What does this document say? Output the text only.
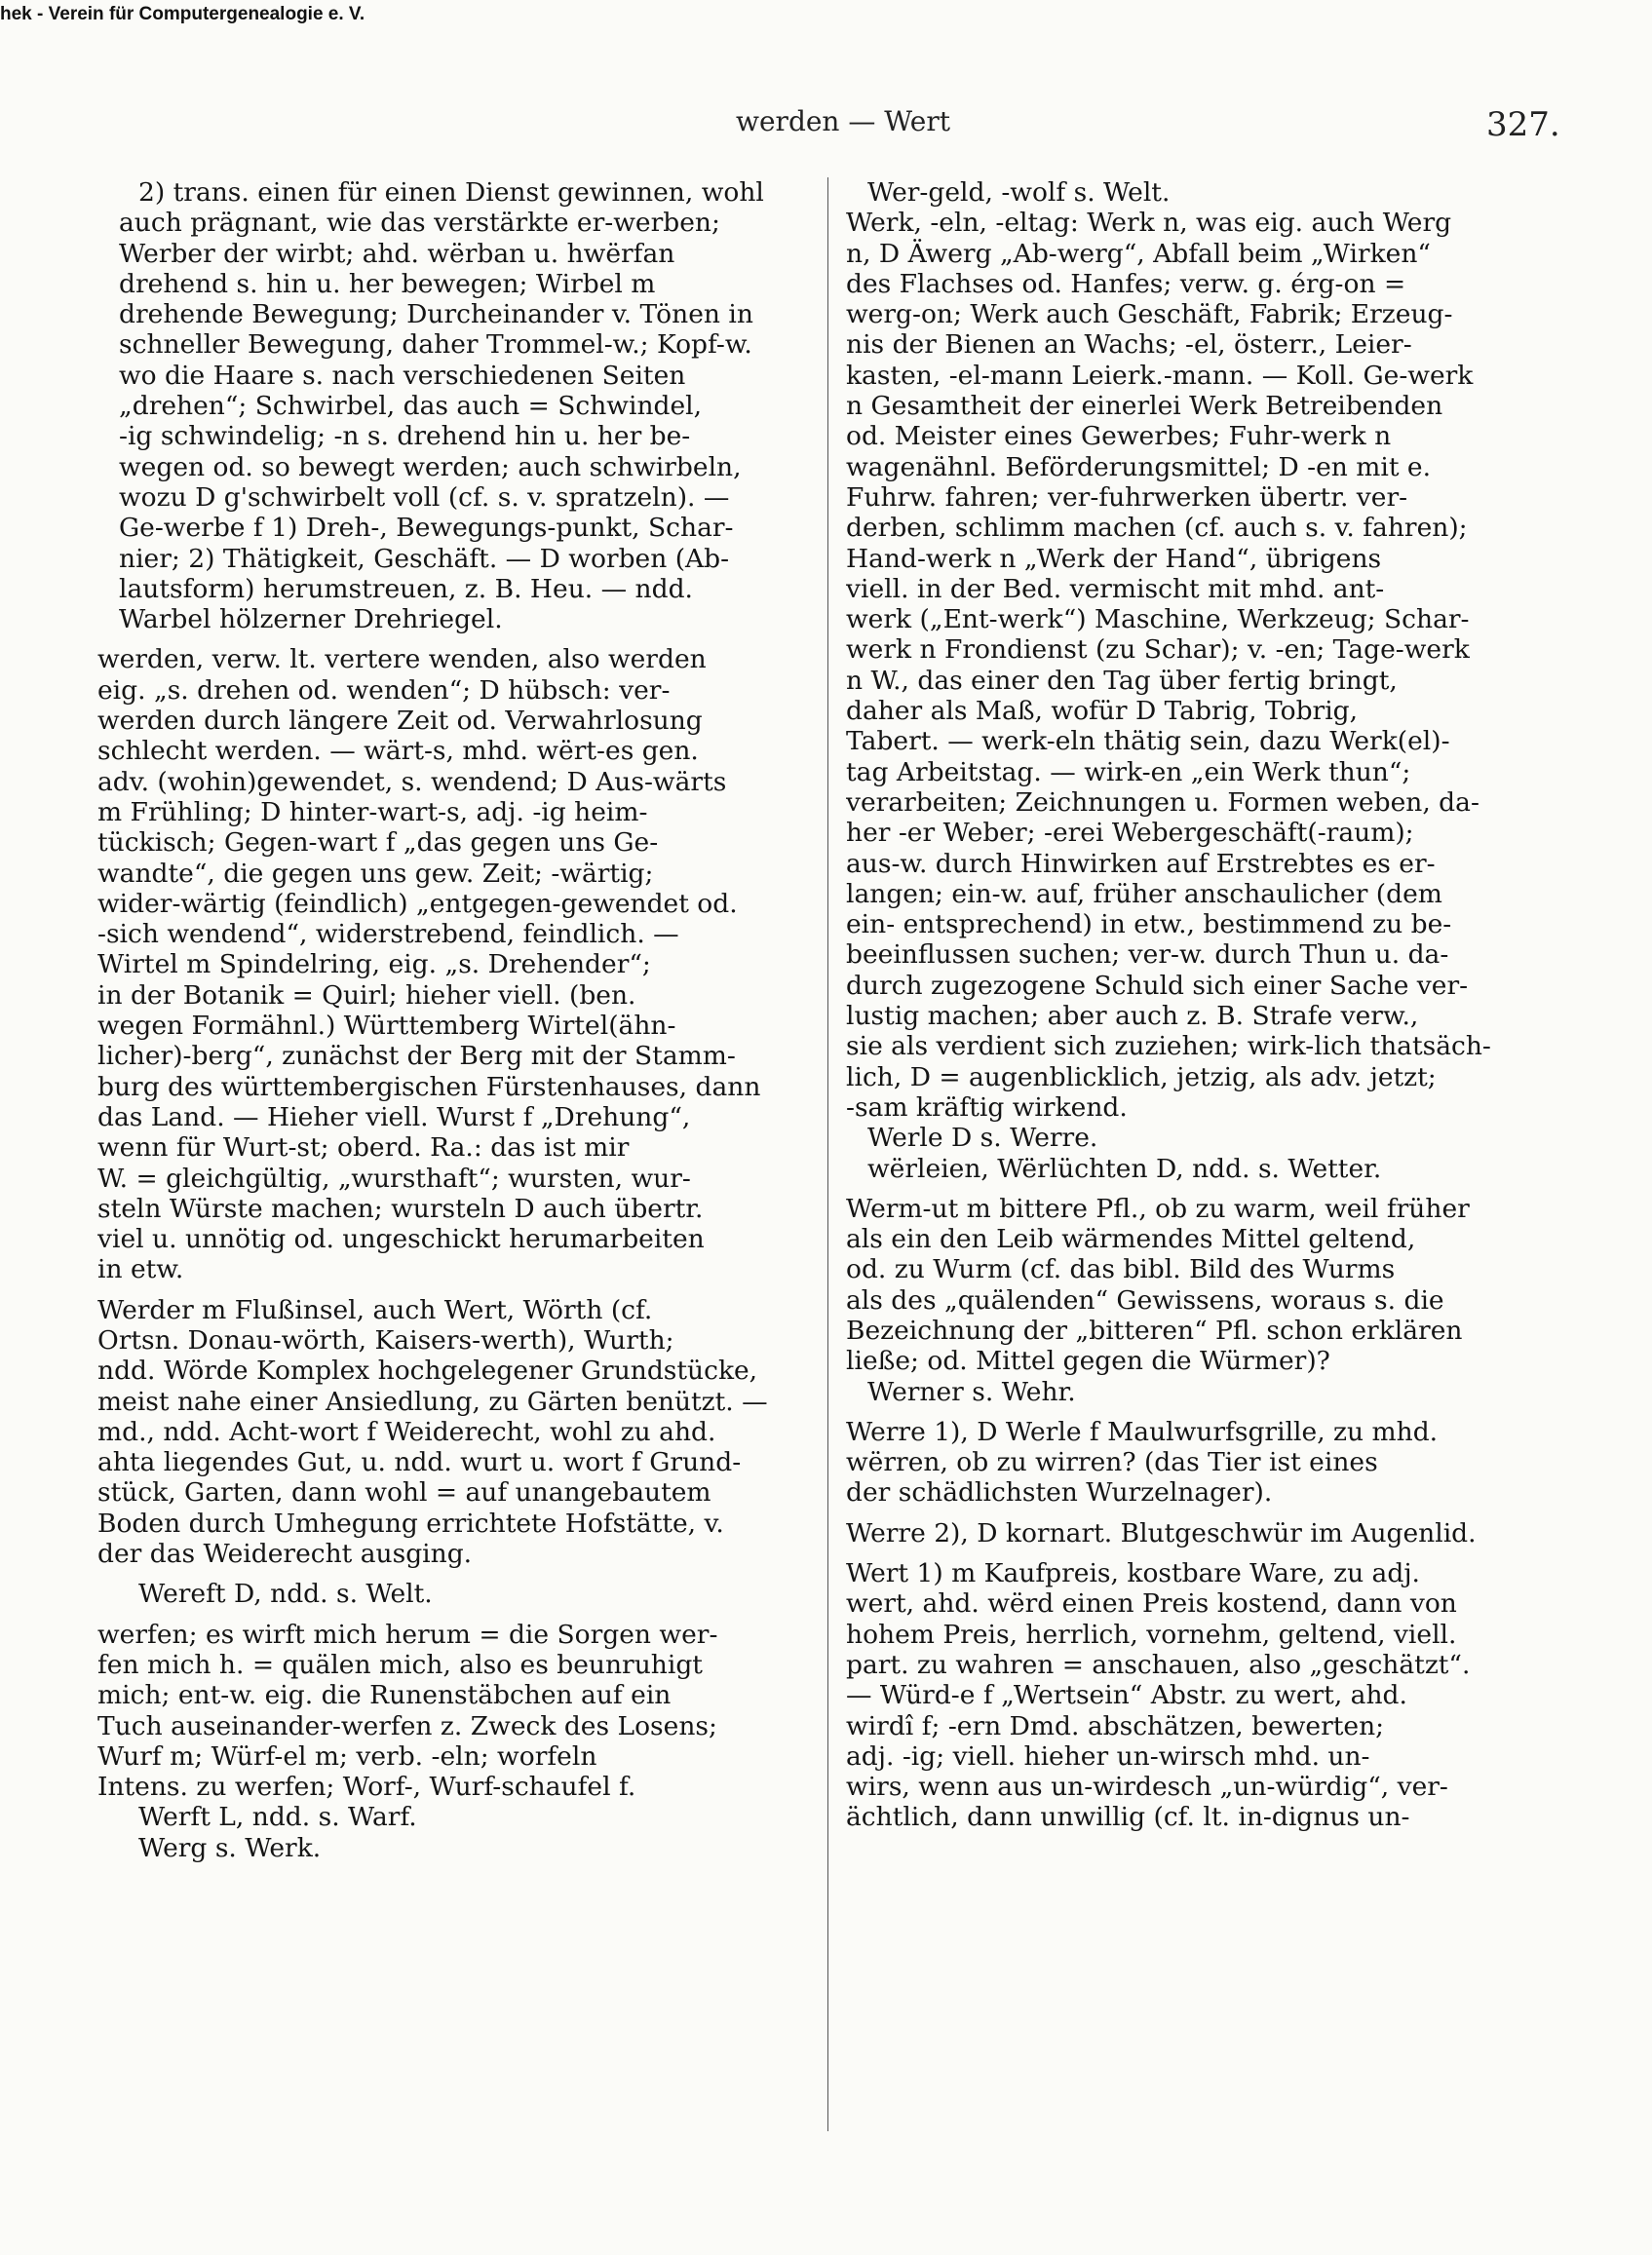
hek - Verein für Computergenealogie e. V.
werden — Wert	327.
2) trans. einen für einen Dienst gewinnen, wohl
auch prägnant, wie das verstärkte er-werben;
Werber der wirbt; ahd. wërban u. hwërfan
drehend s. hin u. her bewegen; Wirbel m
drehende Bewegung; Durcheinander v. Tönen in
schneller Bewegung, daher Trommel-w.; Kopf-w.
wo die Haare s. nach verschiedenen Seiten
„drehen“; Schwirbel, das auch = Schwindel,
-ig schwindelig; -n s. drehend hin u. her be-
wegen od. so bewegt werden; auch schwirbeln,
wozu D g'schwirbelt voll (cf. s. v. spratzeln). —
Ge-werbe f 1) Dreh-, Bewegungs-punkt, Schar-
nier; 2) Thätigkeit, Geschäft. — D worben (Ab-
lautsform) herumstreuen, z. B. Heu. — ndd.
Warbel hölzerner Drehriegel.
werden, verw. lt. vertere wenden, also werden
eig. „s. drehen od. wenden“; D hübsch: ver-
werden durch längere Zeit od. Verwahrlosung
schlecht werden. — wärt-s, mhd. wërt-es gen.
adv. (wohin)gewendet, s. wendend; D Aus-wärts
m Frühling; D hinter-wart-s, adj. -ig heim-
tückisch; Gegen-wart f „das gegen uns Ge-
wandte“, die gegen uns gew. Zeit; -wärtig;
wider-wärtig (feindlich) „entgegen-gewendet od.
-sich wendend“, widerstrebend, feindlich. —
Wirtel m Spindelring, eig. „s. Drehender“;
in der Botanik = Quirl; hieher viell. (ben.
wegen Formähnl.) Württemberg Wirtel(ähn-
licher)-berg“, zunächst der Berg mit der Stamm-
burg des württembergischen Fürstenhauses, dann
das Land. — Hieher viell. Wurst f „Drehung“,
wenn für Wurt-st; oberd. Ra.: das ist mir
W. = gleichgültig, „wursthaft“; wursten, wur-
steln Würste machen; wursteln D auch übertr.
viel u. unnötig od. ungeschickt herumarbeiten
in etw.
Werder m Flußinsel, auch Wert, Wörth (cf.
Ortsn. Donau-wörth, Kaisers-werth), Wurth;
ndd. Wörde Komplex hochgelegener Grundstücke,
meist nahe einer Ansiedlung, zu Gärten benützt. —
md., ndd. Acht-wort f Weiderecht, wohl zu ahd.
ahta liegendes Gut, u. ndd. wurt u. wort f Grund-
stück, Garten, dann wohl = auf unangebautem
Boden durch Umhegung errichtete Hofstätte, v.
der das Weiderecht ausging.
Wereft D, ndd. s. Welt.
werfen; es wirft mich herum = die Sorgen wer-
fen mich h. = quälen mich, also es beunruhigt
mich; ent-w. eig. die Runenstäbchen auf ein
Tuch auseinander-werfen z. Zweck des Losens;
Wurf m; Würf-el m; verb. -eln; worfeln
Intens. zu werfen; Worf-, Wurf-schaufel f.
Werft L, ndd. s. Warf.
Werg s. Werk.
Wer-geld, -wolf s. Welt.
Werk, -eln, -eltag: Werk n, was eig. auch Werg
n, D Äwerg „Ab-werg“, Abfall beim „Wirken“
des Flachses od. Hanfes; verw. g. érg-on =
werg-on; Werk auch Geschäft, Fabrik; Erzeug-
nis der Bienen an Wachs; -el, österr., Leier-
kasten, -el-mann Leierk.-mann. — Koll. Ge-werk
n Gesamtheit der einerlei Werk Betreibenden
od. Meister eines Gewerbes; Fuhr-werk n
wagenähnl. Beförderungsmittel; D -en mit e.
Fuhrw. fahren; ver-fuhrwerken übertr. ver-
derben, schlimm machen (cf. auch s. v. fahren);
Hand-werk n „Werk der Hand“, übrigens
viell. in der Bed. vermischt mit mhd. ant-
werk („Ent-werk“) Maschine, Werkzeug; Schar-
werk n Frondienst (zu Schar); v. -en; Tage-werk
n W., das einer den Tag über fertig bringt,
daher als Maß, wofür D Tabrig, Tobrig,
Tabert. — werk-eln thätig sein, dazu Werk(el)-
tag Arbeitstag. — wirk-en „ein Werk thun“;
verarbeiten; Zeichnungen u. Formen weben, da-
her -er Weber; -erei Webergeschäft(-raum);
aus-w. durch Hinwirken auf Erstrebtes es er-
langen; ein-w. auf, früher anschaulicher (dem
ein- entsprechend) in etw., bestimmend zu be-
beeinflussen suchen; ver-w. durch Thun u. da-
durch zugezogene Schuld sich einer Sache ver-
lustig machen; aber auch z. B. Strafe verw.,
sie als verdient sich zuziehen; wirk-lich thatsäch-
lich, D = augenblicklich, jetzig, als adv. jetzt;
-sam kräftig wirkend.
Werle D s. Werre.
wërleien, Wërlüchten D, ndd. s. Wetter.
Werm-ut m bittere Pfl., ob zu warm, weil früher
als ein den Leib wärmendes Mittel geltend,
od. zu Wurm (cf. das bibl. Bild des Wurms
als des „quälenden“ Gewissens, woraus s. die
Bezeichnung der „bitteren“ Pfl. schon erklären
ließe; od. Mittel gegen die Würmer)?
Werner s. Wehr.
Werre 1), D Werle f Maulwurfsgrille, zu mhd.
wërren, ob zu wirren? (das Tier ist eines
der schädlichsten Wurzelnager).
Werre 2), D kornart. Blutgeschwür im Augenlid.
Wert 1) m Kaufpreis, kostbare Ware, zu adj.
wert, ahd. wërd einen Preis kostend, dann von
hohem Preis, herrlich, vornehm, geltend, viell.
part. zu wahren = anschauen, also „geschätzt“.
— Würd-e f „Wertsein“ Abstr. zu wert, ahd.
wirdî f; -ern Dmd. abschätzen, bewerten;
adj. -ig; viell. hieher un-wirsch mhd. un-
wirs, wenn aus un-wirdesch „un-würdig“, ver-
ächtlich, dann unwillig (cf. lt. in-dignus un-
